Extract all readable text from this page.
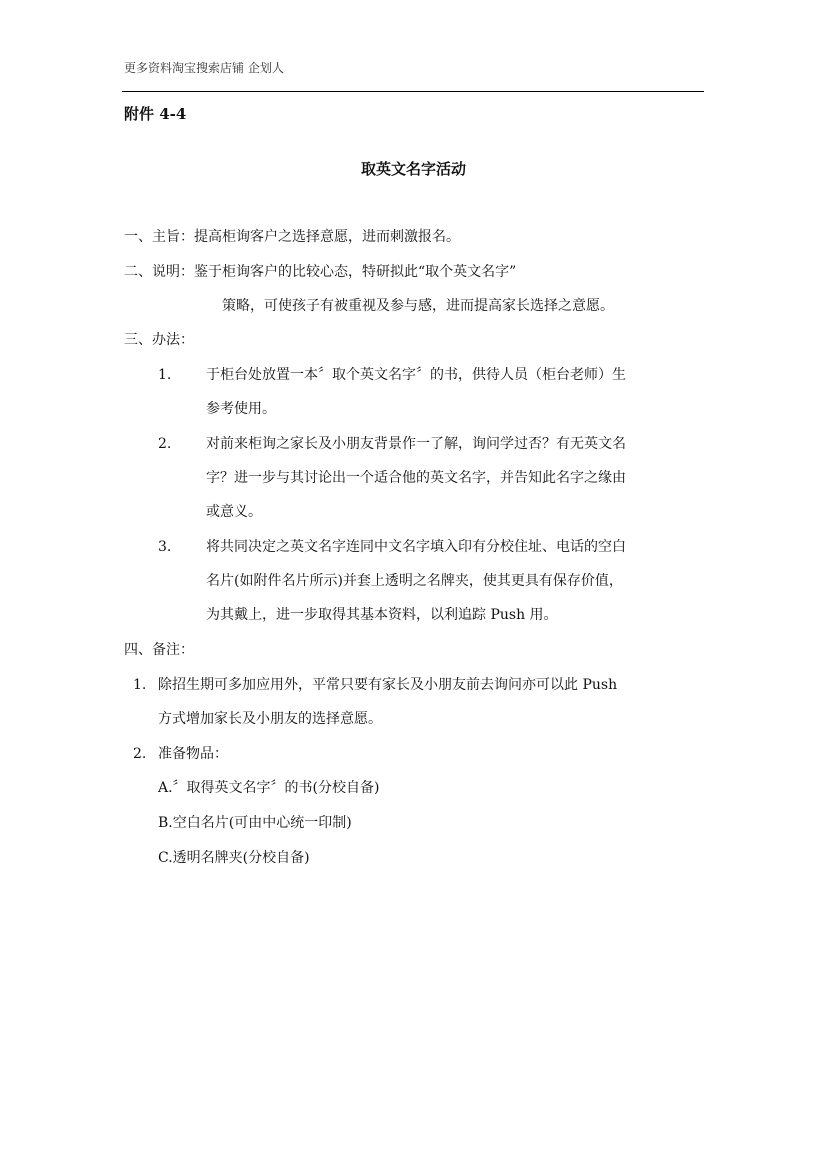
更多资料淘宝搜索店铺 企划人
附件 4-4
取英文名字活动
一、主旨：提高柜询客户之选择意愿，进而刺激报名。
二、说明：鉴于柜询客户的比较心态，特研拟此“取个英文名字”
策略，可使孩子有被重视及参与感，进而提高家长选择之意愿。
三、办法：
1. 于柜台处放置一本〞取个英文名字〞的书，供待人员（柜台老师）生
参考使用。
2. 对前来柜询之家长及小朋友背景作一了解，询问学过否？有无英文名
字？进一步与其讨论出一个适合他的英文名字，并告知此名字之缘由
或意义。
3. 将共同决定之英文名字连同中文名字填入印有分校住址、电话的空白
名片(如附件名片所示)并套上透明之名牌夹，使其更具有保存价值，
为其戴上，进一步取得其基本资料，以利追踪 Push 用。
四、备注：
1. 除招生期可多加应用外，平常只要有家长及小朋友前去询问亦可以此 Push
方式增加家长及小朋友的选择意愿。
2. 准备物品：
A.〞取得英文名字〞的书(分校自备)
B.空白名片(可由中心统一印制)
C.透明名牌夹(分校自备)
